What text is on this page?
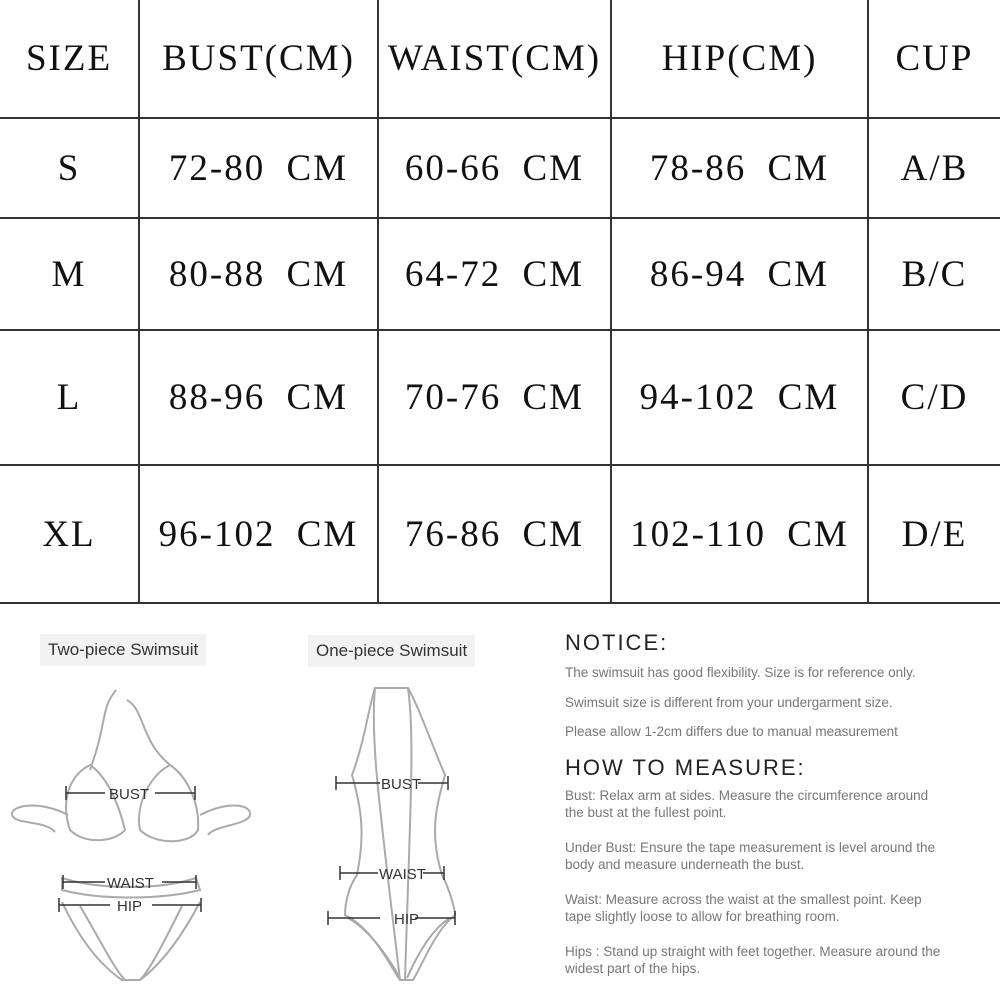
SIZE	BUST(CM)	WAIST(CM)	HIP(CM)	CUP
S	72-80 CM	60-66 CM	78-86 CM	A/B
M	80-88 CM	64-72 CM	86-94 CM	B/C
L	88-96 CM	70-76 CM	94-102 CM	C/D
XL	96-102 CM	76-86 CM	102-110 CM	D/E
Two-piece Swimsuit	One-piece Swimsuit
BUST
WAIST
HIP
BUST
WAIST
HIP
NOTICE:

The swimsuit has good flexibility. Size is for reference only.

Swimsuit size is different from your undergarment size.

Please allow 1-2cm differs due to manual measurement

HOW TO MEASURE:

Bust: Relax arm at sides. Measure the circumference around the bust at the fullest point.

Under Bust: Ensure the tape measurement is level around the body and measure underneath the bust.

Waist: Measure across the waist at the smallest point. Keep tape slightly loose to allow for breathing room.

Hips : Stand up straight with feet together. Measure around the widest part of the hips.
